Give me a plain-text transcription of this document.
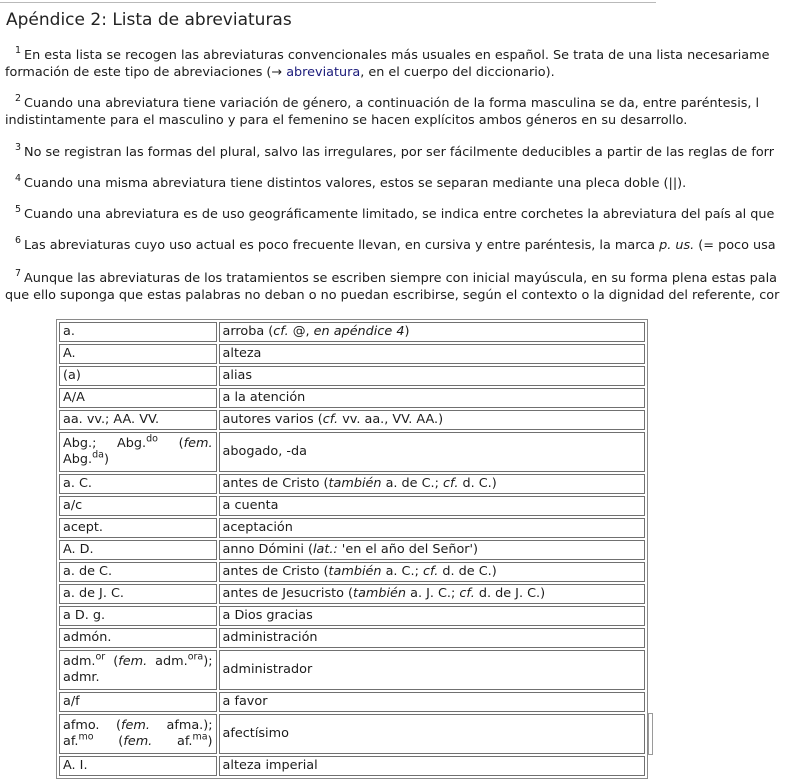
Apéndice 2: Lista de abreviaturas

$^1$ En esta lista se recogen las abreviaturas convencionales más usuales en español. Se trata de una lista necesariame
formación de este tipo de abreviaciones (→ abreviatura, en el cuerpo del diccionario).

$^2$ Cuando una abreviatura tiene variación de género, a continuación de la forma masculina se da, entre paréntesis, l
indistintamente para el masculino y para el femenino se hacen explícitos ambos géneros en su desarrollo.

$^3$ No se registran las formas del plural, salvo las irregulares, por ser fácilmente deducibles a partir de las reglas de forr

$^4$ Cuando una misma abreviatura tiene distintos valores, estos se separan mediante una pleca doble (||).

$^5$ Cuando una abreviatura es de uso geográficamente limitado, se indica entre corchetes la abreviatura del país al que

$^6$ Las abreviaturas cuyo uso actual es poco frecuente llevan, en cursiva y entre paréntesis, la marca p. us. (= poco usa

$^7$ Aunque las abreviaturas de los tratamientos se escriben siempre con inicial mayúscula, en su forma plena estas pala
que ello suponga que estas palabras no deban o no puedan escribirse, según el contexto o la dignidad del referente, cor

a.	arroba (cf. @, en apéndice 4)
A.	alteza
(a)	alias
A/A	a la atención
aa. vv.; AA. VV.	autores varios (cf. vv. aa., VV. AA.)
Abg.; Abg.$^{do}$ (fem. Abg.$^{da}$)	abogado, -da
a. C.	antes de Cristo (también a. de C.; cf. d. C.)
a/c	a cuenta
acept.	aceptación
A. D.	anno Dómini (lat.: 'en el año del Señor')
a. de C.	antes de Cristo (también a. C.; cf. d. de C.)
a. de J. C.	antes de Jesucristo (también a. J. C.; cf. d. de J. C.)
a D. g.	a Dios gracias
admón.	administración
adm.$^{or}$ (fem. adm.$^{ora}$); admr.	administrador
a/f	a favor
afmo. (fem. afma.); af.$^{mo}$ (fem. af.$^{ma}$)	afectísimo
A. I.	alteza imperial
